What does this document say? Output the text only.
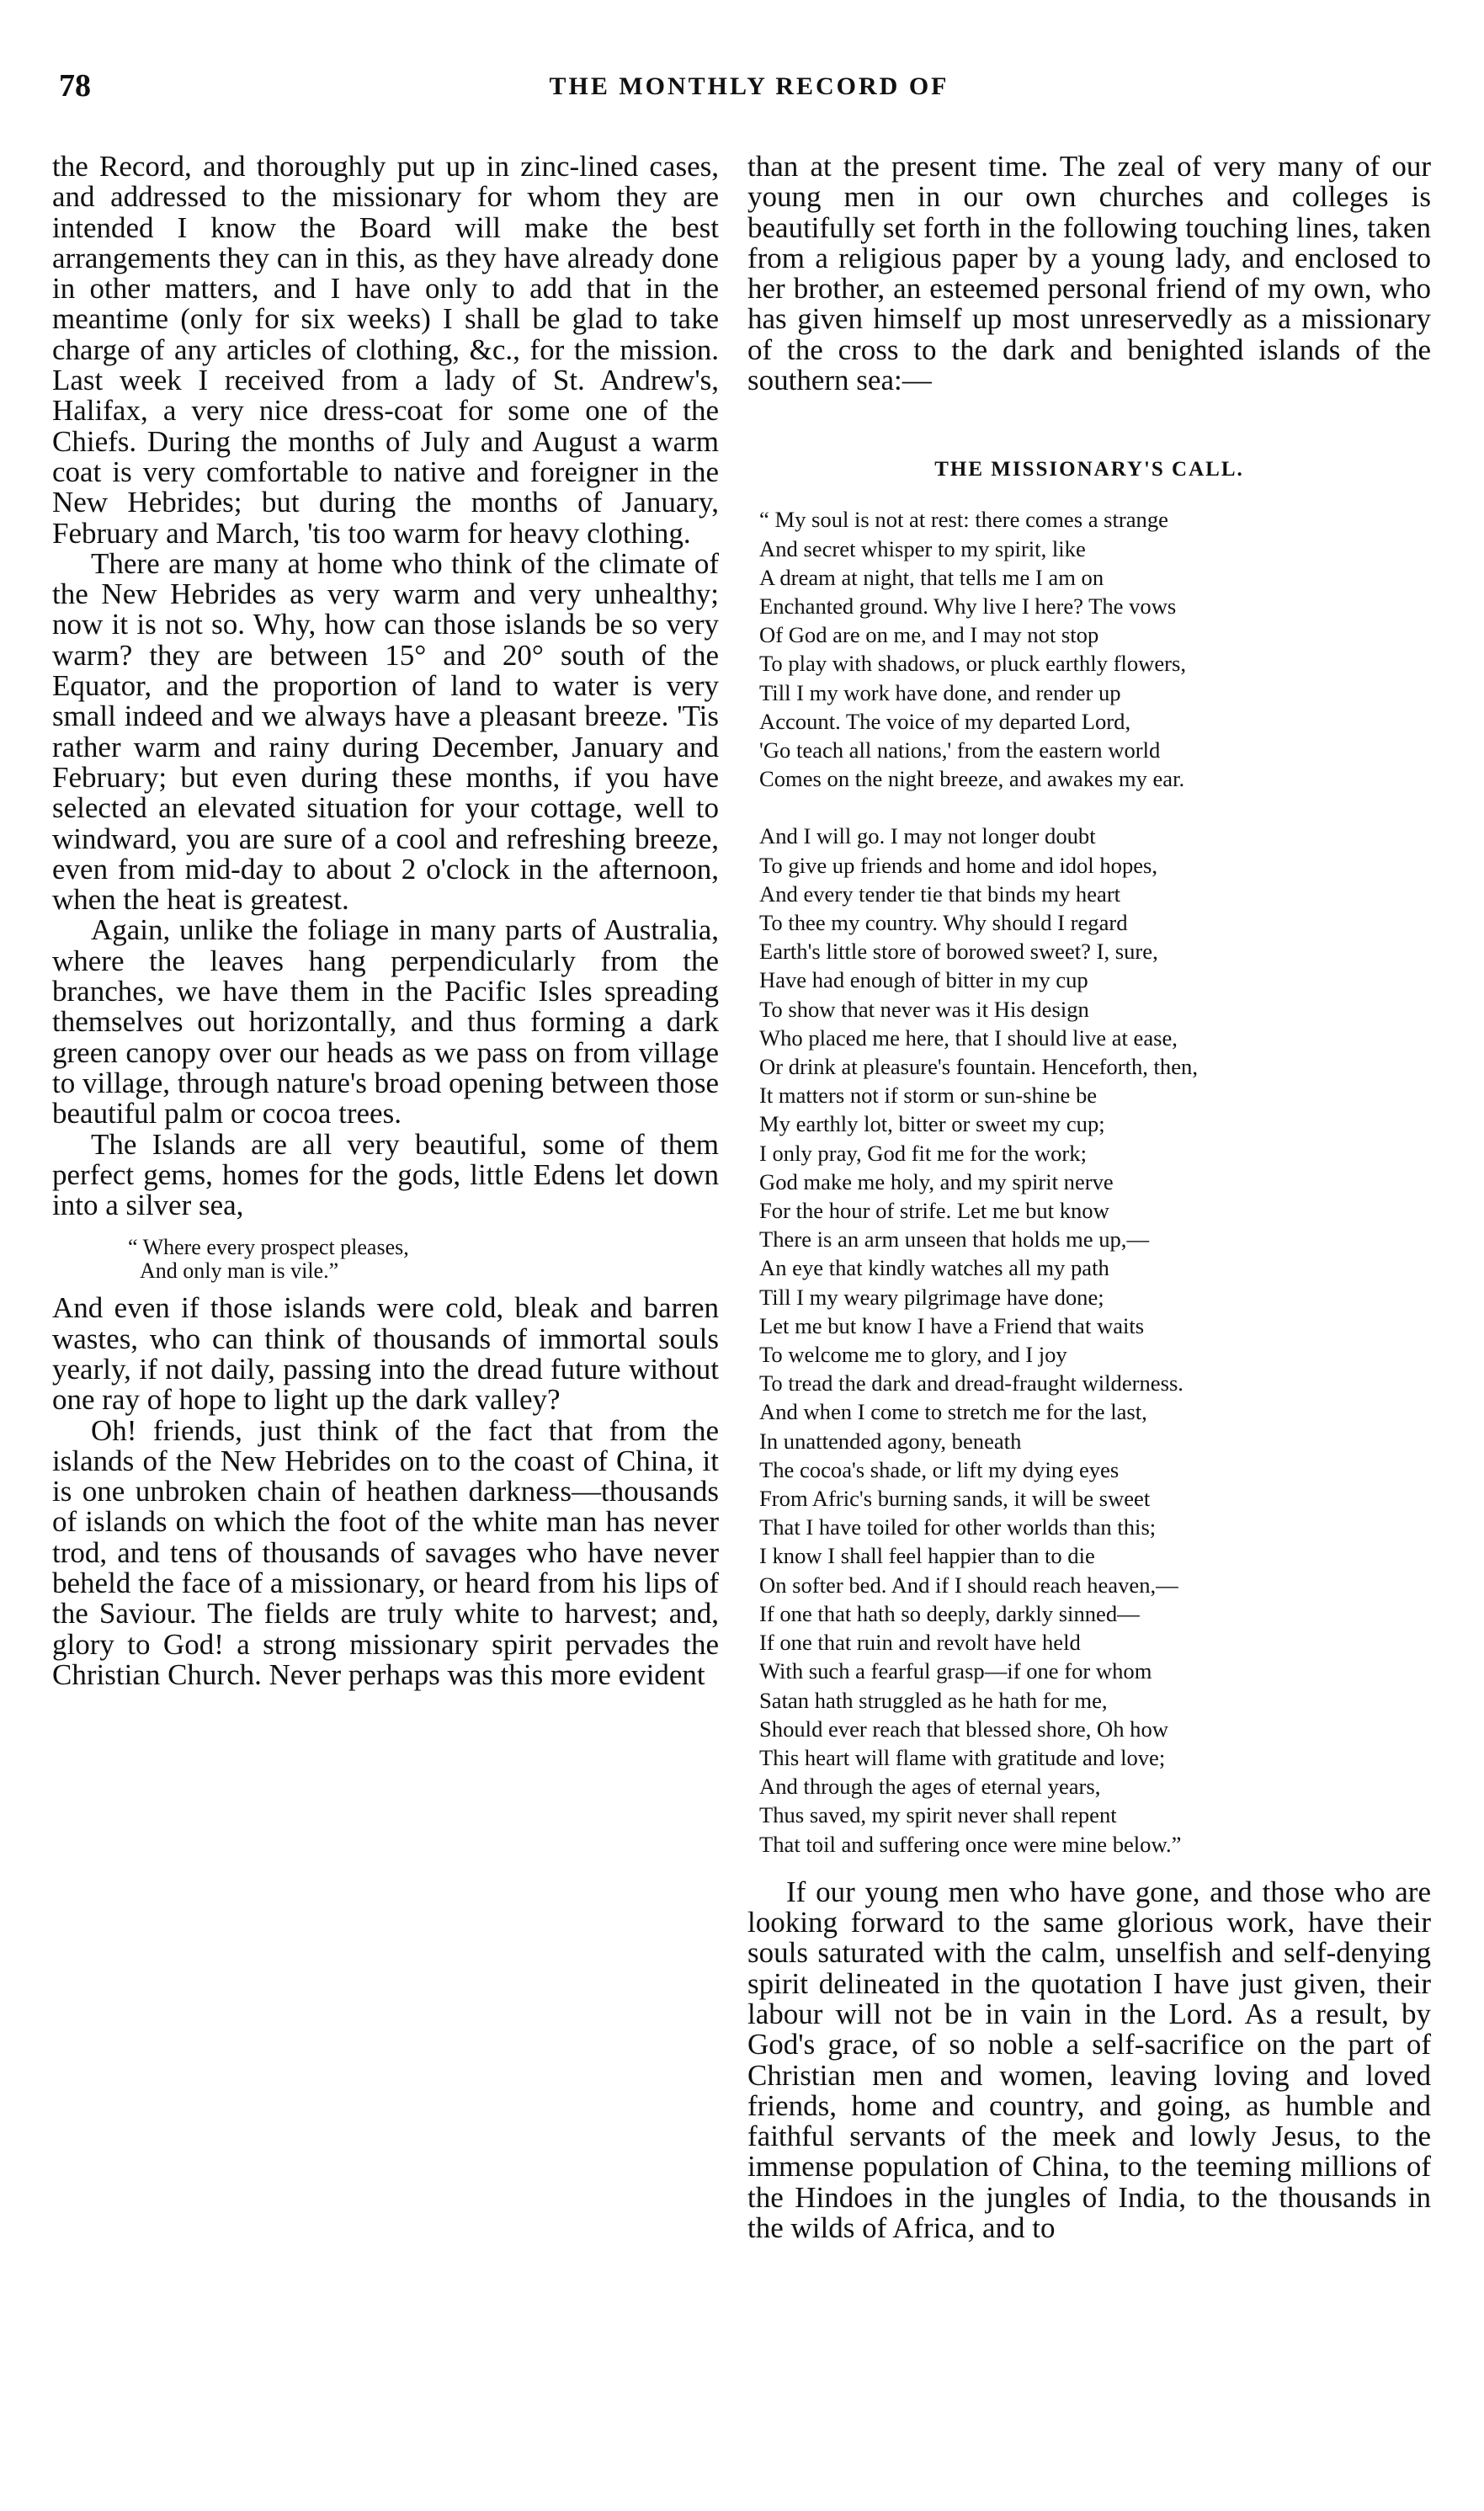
78	THE MONTHLY RECORD OF

the Record, and thoroughly put up in zinc-lined cases, and addressed to the missionary for whom they are intended I know the Board will make the best arrangements they can in this, as they have already done in other matters, and I have only to add that in the meantime (only for six weeks) I shall be glad to take charge of any articles of clothing, &c., for the mission. Last week I received from a lady of St. Andrew's, Halifax, a very nice dress-coat for some one of the Chiefs. During the months of July and August a warm coat is very comfortable to native and foreigner in the New Hebrides; but during the months of January, February and March, 'tis too warm for heavy clothing.

There are many at home who think of the climate of the New Hebrides as very warm and very unhealthy; now it is not so. Why, how can those islands be so very warm? they are between 15° and 20° south of the Equator, and the proportion of land to water is very small indeed and we always have a pleasant breeze. 'Tis rather warm and rainy during December, January and February; but even during these months, if you have selected an elevated situation for your cottage, well to windward, you are sure of a cool and refreshing breeze, even from mid-day to about 2 o'clock in the afternoon, when the heat is greatest.

Again, unlike the foliage in many parts of Australia, where the leaves hang perpendicularly from the branches, we have them in the Pacific Isles spreading themselves out horizontally, and thus forming a dark green canopy over our heads as we pass on from village to village, through nature's broad opening between those beautiful palm or cocoa trees.

The Islands are all very beautiful, some of them perfect gems, homes for the gods, little Edens let down into a silver sea,

“ Where every prospect pleases,
And only man is vile.”

And even if those islands were cold, bleak and barren wastes, who can think of thousands of immortal souls yearly, if not daily, passing into the dread future without one ray of hope to light up the dark valley?

Oh! friends, just think of the fact that from the islands of the New Hebrides on to the coast of China, it is one unbroken chain of heathen darkness—thousands of islands on which the foot of the white man has never trod, and tens of thousands of savages who have never beheld the face of a missionary, or heard from his lips of the Saviour. The fields are truly white to harvest; and, glory to God! a strong missionary spirit pervades the Christian Church. Never perhaps was this more evident

than at the present time. The zeal of very many of our young men in our own churches and colleges is beautifully set forth in the following touching lines, taken from a religious paper by a young lady, and enclosed to her brother, an esteemed personal friend of my own, who has given himself up most unreservedly as a missionary of the cross to the dark and benighted islands of the southern sea:—

THE MISSIONARY'S CALL.
“ My soul is not at rest: there comes a strange
And secret whisper to my spirit, like
A dream at night, that tells me I am on
Enchanted ground. Why live I here? The vows
Of God are on me, and I may not stop
To play with shadows, or pluck earthly flowers,
Till I my work have done, and render up
Account. The voice of my departed Lord,
'Go teach all nations,' from the eastern world
Comes on the night breeze, and awakes my ear.
And I will go. I may not longer doubt
To give up friends and home and idol hopes,
And every tender tie that binds my heart
To thee my country. Why should I regard
Earth's little store of borowed sweet? I, sure,
Have had enough of bitter in my cup
To show that never was it His design
Who placed me here, that I should live at ease,
Or drink at pleasure's fountain. Henceforth, then,
It matters not if storm or sun-shine be
My earthly lot, bitter or sweet my cup;
I only pray, God fit me for the work;
God make me holy, and my spirit nerve
For the hour of strife. Let me but know
There is an arm unseen that holds me up,—
An eye that kindly watches all my path
Till I my weary pilgrimage have done;
Let me but know I have a Friend that waits
To welcome me to glory, and I joy
To tread the dark and dread-fraught wilderness.
And when I come to stretch me for the last,
In unattended agony, beneath
The cocoa's shade, or lift my dying eyes
From Afric's burning sands, it will be sweet
That I have toiled for other worlds than this;
I know I shall feel happier than to die
On softer bed. And if I should reach heaven,—
If one that hath so deeply, darkly sinned—
If one that ruin and revolt have held
With such a fearful grasp—if one for whom
Satan hath struggled as he hath for me,
Should ever reach that blessed shore, Oh how
This heart will flame with gratitude and love;
And through the ages of eternal years,
Thus saved, my spirit never shall repent
That toil and suffering once were mine below.”

If our young men who have gone, and those who are looking forward to the same glorious work, have their souls saturated with the calm, unselfish and self-denying spirit delineated in the quotation I have just given, their labour will not be in vain in the Lord. As a result, by God's grace, of so noble a self-sacrifice on the part of Christian men and women, leaving loving and loved friends, home and country, and going, as humble and faithful servants of the meek and lowly Jesus, to the immense population of China, to the teeming millions of the Hindoes in the jungles of India, to the thousands in the wilds of Africa, and to
